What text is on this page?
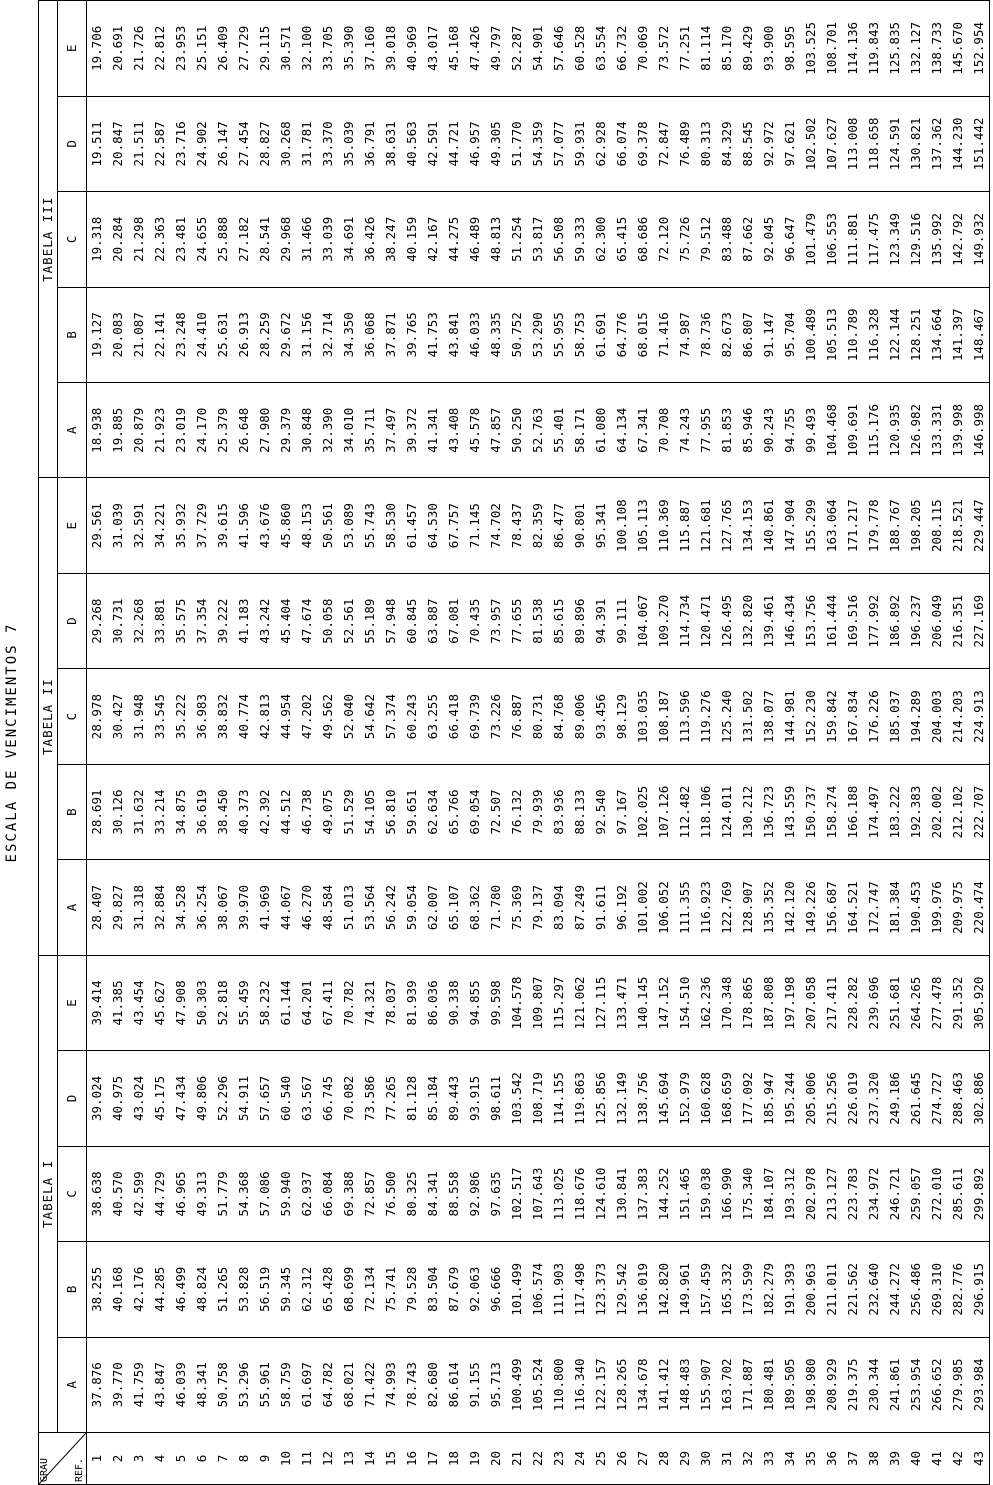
ESCALA DE VENCIMENTOS 7
GRAU REF.	TABELA I					TABELA II					TABELA III				
	A	B	C	D	E	A	B	C	D	E	A	B	C	D	E
1	37.876	38.255	38.638	39.024	39.414	28.407	28.691	28.978	29.268	29.561	18.938	19.127	19.318	19.511	19.706
2	39.770	40.168	40.570	40.975	41.385	29.827	30.126	30.427	30.731	31.039	19.885	20.083	20.284	20.847	20.691
3	41.759	42.176	42.599	43.024	43.454	31.318	31.632	31.948	32.268	32.591	20.879	21.087	21.298	21.511	21.726
4	43.847	44.285	44.729	45.175	45.627	32.884	33.214	33.545	33.881	34.221	21.923	22.141	22.363	22.587	22.812
5	46.039	46.499	46.965	47.434	47.908	34.528	34.875	35.222	35.575	35.932	23.019	23.248	23.481	23.716	23.953
6	48.341	48.824	49.313	49.806	50.303	36.254	36.619	36.983	37.354	37.729	24.170	24.410	24.655	24.902	25.151
7	50.758	51.265	51.779	52.296	52.818	38.067	38.450	38.832	39.222	39.615	25.379	25.631	25.888	26.147	26.409
8	53.296	53.828	54.368	54.911	55.459	39.970	40.373	40.774	41.183	41.596	26.648	26.913	27.182	27.454	27.729
9	55.961	56.519	57.086	57.657	58.232	41.969	42.392	42.813	43.242	43.676	27.980	28.259	28.541	28.827	29.115
10	58.759	59.345	59.940	60.540	61.144	44.067	44.512	44.954	45.404	45.860	29.379	29.672	29.968	30.268	30.571
11	61.697	62.312	62.937	63.567	64.201	46.270	46.738	47.202	47.674	48.153	30.848	31.156	31.466	31.781	32.100
12	64.782	65.428	66.084	66.745	67.411	48.584	49.075	49.562	50.058	50.561	32.390	32.714	33.039	33.370	33.705
13	68.021	68.699	69.388	70.082	70.782	51.013	51.529	52.040	52.561	53.089	34.010	34.350	34.691	35.039	35.390
14	71.422	72.134	72.857	73.586	74.321	53.564	54.105	54.642	55.189	55.743	35.711	36.068	36.426	36.791	37.160
15	74.993	75.741	76.500	77.265	78.037	56.242	56.810	57.374	57.948	58.530	37.497	37.871	38.247	38.631	39.018
16	78.743	79.528	80.325	81.128	81.939	59.054	59.651	60.243	60.845	61.457	39.372	39.765	40.159	40.563	40.969
17	82.680	83.504	84.341	85.184	86.036	62.007	62.634	63.255	63.887	64.530	41.341	41.753	42.167	42.591	43.017
18	86.614	87.679	88.558	89.443	90.338	65.107	65.766	66.418	67.081	67.757	43.408	43.841	44.275	44.721	45.168
19	91.155	92.063	92.986	93.915	94.855	68.362	69.054	69.739	70.435	71.145	45.578	46.033	46.489	46.957	47.426
20	95.713	96.666	97.635	98.611	99.598	71.780	72.507	73.226	73.957	74.702	47.857	48.335	48.813	49.305	49.797
21	100.499	101.499	102.517	103.542	104.578	75.369	76.132	76.887	77.655	78.437	50.250	50.752	51.254	51.770	52.287
22	105.524	106.574	107.643	108.719	109.807	79.137	79.939	80.731	81.538	82.359	52.763	53.290	53.817	54.359	54.901
23	110.800	111.903	113.025	114.155	115.297	83.094	83.936	84.768	85.615	86.477	55.401	55.955	56.508	57.077	57.646
24	116.340	117.498	118.676	119.863	121.062	87.249	88.133	89.006	89.896	90.801	58.171	58.753	59.333	59.931	60.528
25	122.157	123.373	124.610	125.856	127.115	91.611	92.540	93.456	94.391	95.341	61.080	61.691	62.300	62.928	63.554
26	128.265	129.542	130.841	132.149	133.471	96.192	97.167	98.129	99.111	100.108	64.134	64.776	65.415	66.074	66.732
27	134.678	136.019	137.383	138.756	140.145	101.002	102.025	103.035	104.067	105.113	67.341	68.015	68.686	69.378	70.069
28	141.412	142.820	144.252	145.694	147.152	106.052	107.126	108.187	109.270	110.369	70.708	71.416	72.120	72.847	73.572
29	148.483	149.961	151.465	152.979	154.510	111.355	112.482	113.596	114.734	115.887	74.243	74.987	75.726	76.489	77.251
30	155.907	157.459	159.038	160.628	162.236	116.923	118.106	119.276	120.471	121.681	77.955	78.736	79.512	80.313	81.114
31	163.702	165.332	166.990	168.659	170.348	122.769	124.011	125.240	126.495	127.765	81.853	82.673	83.488	84.329	85.170
32	171.887	173.599	175.340	177.092	178.865	128.907	130.212	131.502	132.820	134.153	85.946	86.807	87.662	88.545	89.429
33	180.481	182.279	184.107	185.947	187.808	135.352	136.723	138.077	139.461	140.861	90.243	91.147	92.045	92.972	93.900
34	189.505	191.393	193.312	195.244	197.198	142.120	143.559	144.981	146.434	147.904	94.755	95.704	96.647	97.621	98.595
35	198.980	200.963	202.978	205.006	207.058	149.226	150.737	152.230	153.756	155.299	99.493	100.489	101.479	102.502	103.525
36	208.929	211.011	213.127	215.256	217.411	156.687	158.274	159.842	161.444	163.064	104.468	105.513	106.553	107.627	108.701
37	219.375	221.562	223.783	226.019	228.282	164.521	166.188	167.834	169.516	171.217	109.691	110.789	111.881	113.008	114.136
38	230.344	232.640	234.972	237.320	239.696	172.747	174.497	176.226	177.992	179.778	115.176	116.328	117.475	118.658	119.843
39	241.861	244.272	246.721	249.186	251.681	181.384	183.222	185.037	186.892	188.767	120.935	122.144	123.349	124.591	125.835
40	253.954	256.486	259.057	261.645	264.265	190.453	192.383	194.289	196.237	198.205	126.982	128.251	129.516	130.821	132.127
41	266.652	269.310	272.010	274.727	277.478	199.976	202.002	204.003	206.049	208.115	133.331	134.664	135.992	137.362	138.733
42	279.985	282.776	285.611	288.463	291.352	209.975	212.102	214.203	216.351	218.521	139.998	141.397	142.792	144.230	145.670
43	293.984	296.915	299.892	302.886	305.920	220.474	222.707	224.913	227.169	229.447	146.998	148.467	149.932	151.442	152.954
